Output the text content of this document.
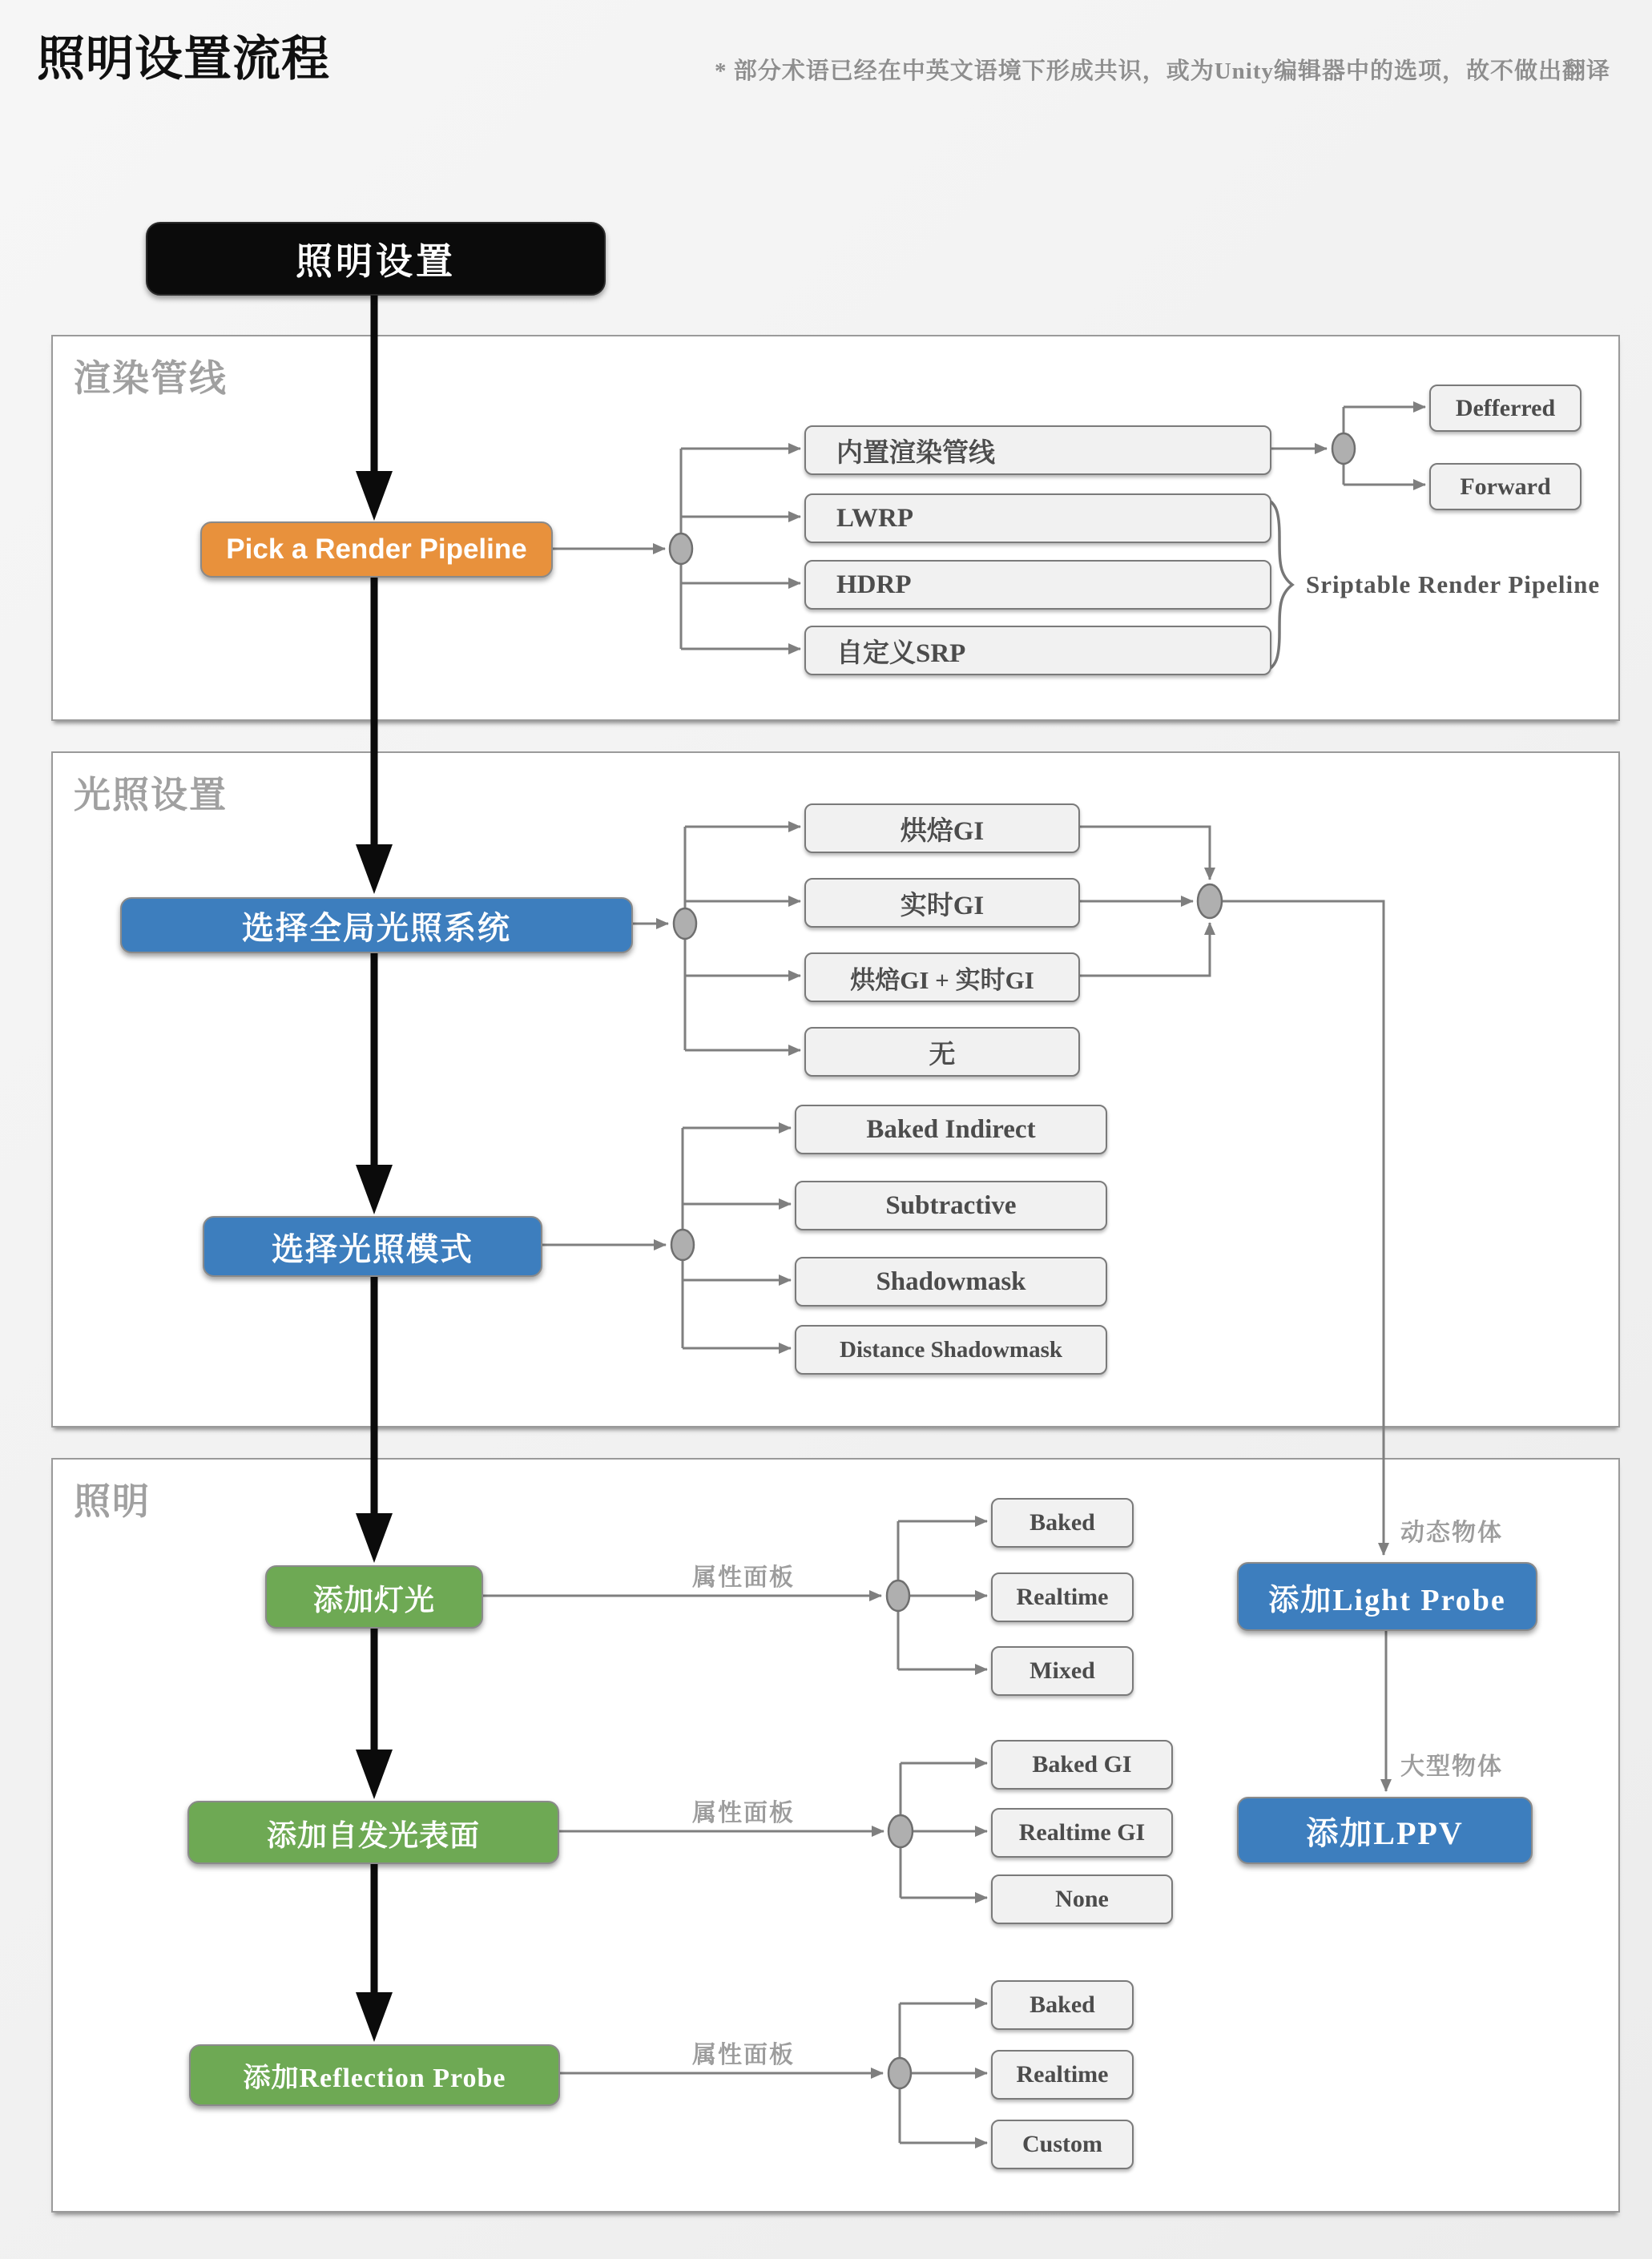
照明设置流程	* 部分术语已经在中英文语境下形成共识，或为Unity编辑器中的选项，故不做出翻译
渲染管线
光照设置
照明
照明设置
Pick a Render Pipeline
内置渲染管线
LWRP
HDRP
自定义SRP
Defferred
Forward
Sriptable Render Pipeline
选择全局光照系统
烘焙GI
实时GI
烘焙GI + 实时GI
无
选择光照模式
Baked Indirect
Subtractive
Shadowmask
Distance Shadowmask
添加灯光
属性面板
Baked
Realtime
Mixed
动态物体
添加Light Probe
大型物体
添加LPPV
添加自发光表面
属性面板
Baked GI
Realtime GI
None
添加Reflection Probe
属性面板
Baked
Realtime
Custom
